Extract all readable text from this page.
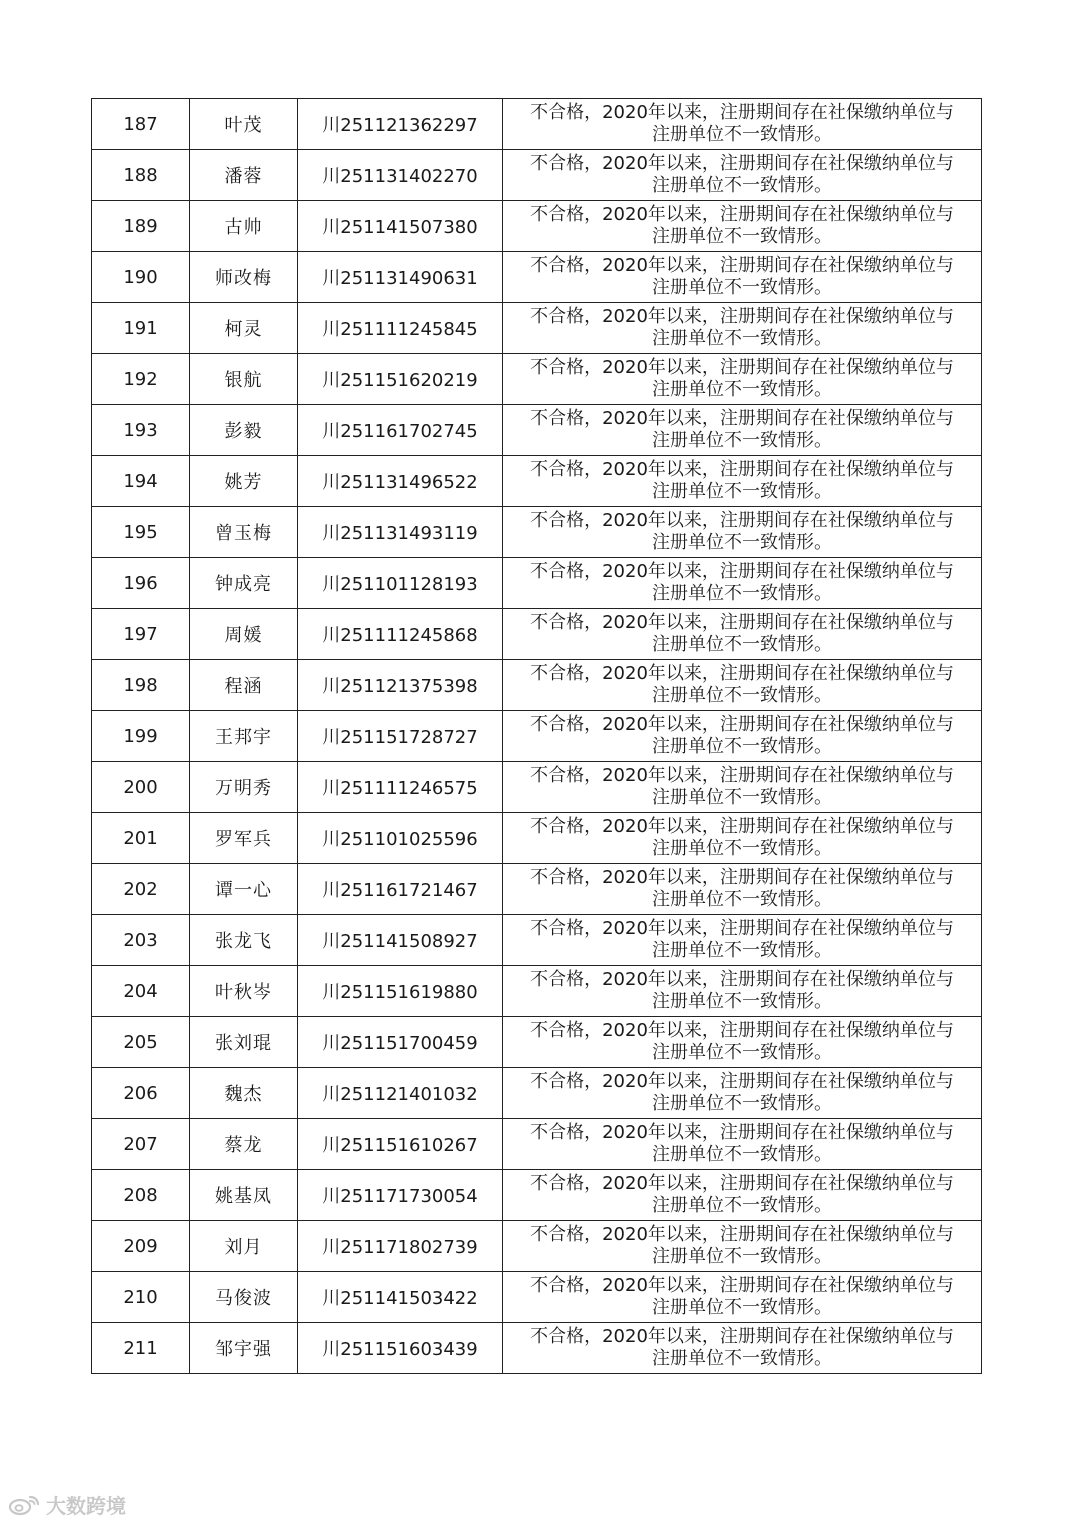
187	叶茂	川251121362297	不合格，2020年以来，注册期间存在社保缴纳单位与
注册单位不一致情形。

188	潘蓉	川251131402270	不合格，2020年以来，注册期间存在社保缴纳单位与
注册单位不一致情形。

189	古帅	川251141507380	不合格，2020年以来，注册期间存在社保缴纳单位与
注册单位不一致情形。

190	师改梅	川251131490631	不合格，2020年以来，注册期间存在社保缴纳单位与
注册单位不一致情形。

191	柯灵	川251111245845	不合格，2020年以来，注册期间存在社保缴纳单位与
注册单位不一致情形。

192	银航	川251151620219	不合格，2020年以来，注册期间存在社保缴纳单位与
注册单位不一致情形。

193	彭毅	川251161702745	不合格，2020年以来，注册期间存在社保缴纳单位与
注册单位不一致情形。

194	姚芳	川251131496522	不合格，2020年以来，注册期间存在社保缴纳单位与
注册单位不一致情形。

195	曾玉梅	川251131493119	不合格，2020年以来，注册期间存在社保缴纳单位与
注册单位不一致情形。

196	钟成亮	川251101128193	不合格，2020年以来，注册期间存在社保缴纳单位与
注册单位不一致情形。

197	周媛	川251111245868	不合格，2020年以来，注册期间存在社保缴纳单位与
注册单位不一致情形。

198	程涵	川251121375398	不合格，2020年以来，注册期间存在社保缴纳单位与
注册单位不一致情形。

199	王邦宇	川251151728727	不合格，2020年以来，注册期间存在社保缴纳单位与
注册单位不一致情形。

200	万明秀	川251111246575	不合格，2020年以来，注册期间存在社保缴纳单位与
注册单位不一致情形。

201	罗军兵	川251101025596	不合格，2020年以来，注册期间存在社保缴纳单位与
注册单位不一致情形。

202	谭一心	川251161721467	不合格，2020年以来，注册期间存在社保缴纳单位与
注册单位不一致情形。

203	张龙飞	川251141508927	不合格，2020年以来，注册期间存在社保缴纳单位与
注册单位不一致情形。

204	叶秋岑	川251151619880	不合格，2020年以来，注册期间存在社保缴纳单位与
注册单位不一致情形。

205	张刘琨	川251151700459	不合格，2020年以来，注册期间存在社保缴纳单位与
注册单位不一致情形。

206	魏杰	川251121401032	不合格，2020年以来，注册期间存在社保缴纳单位与
注册单位不一致情形。

207	蔡龙	川251151610267	不合格，2020年以来，注册期间存在社保缴纳单位与
注册单位不一致情形。

208	姚基凤	川251171730054	不合格，2020年以来，注册期间存在社保缴纳单位与
注册单位不一致情形。

209	刘月	川251171802739	不合格，2020年以来，注册期间存在社保缴纳单位与
注册单位不一致情形。

210	马俊波	川251141503422	不合格，2020年以来，注册期间存在社保缴纳单位与
注册单位不一致情形。

211	邹宇强	川251151603439	不合格，2020年以来，注册期间存在社保缴纳单位与
注册单位不一致情形。
大数跨境
